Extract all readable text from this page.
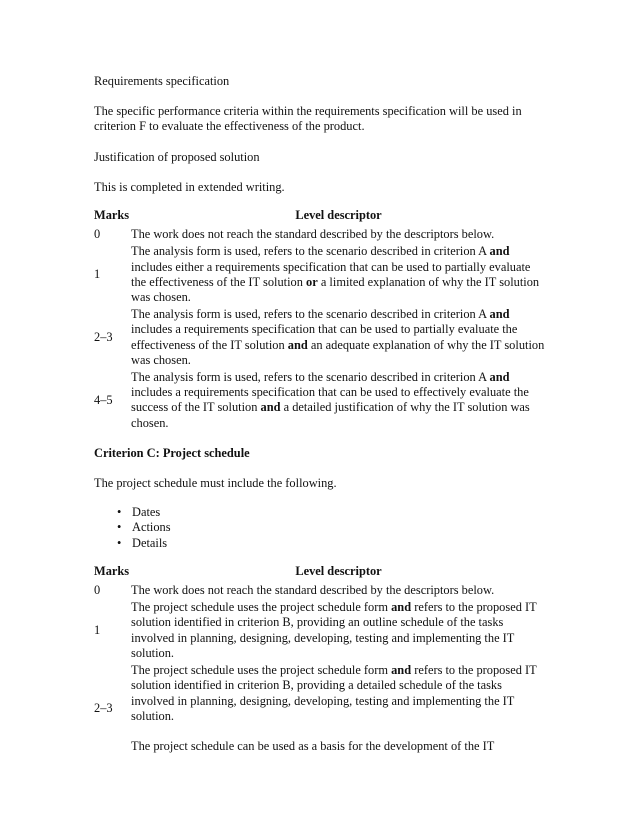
Requirements specification

The specific performance criteria within the requirements specification will be used in criterion F to evaluate the effectiveness of the product.

Justification of proposed solution

This is completed in extended writing.

Marks	Level descriptor
0	The work does not reach the standard described by the descriptors below.

1	The analysis form is used, refers to the scenario described in criterion A and includes either a requirements specification that can be used to partially evaluate the effectiveness of the IT solution or a limited explanation of why the IT solution was chosen.

2–3	The analysis form is used, refers to the scenario described in criterion A and includes a requirements specification that can be used to partially evaluate the effectiveness of the IT solution and an adequate explanation of why the IT solution was chosen.

4–5	The analysis form is used, refers to the scenario described in criterion A and includes a requirements specification that can be used to effectively evaluate the success of the IT solution and a detailed justification of why the IT solution was chosen.

Criterion C: Project schedule

The project schedule must include the following.

• Dates
• Actions
• Details
Marks	Level descriptor
0	The work does not reach the standard described by the descriptors below.

1	The project schedule uses the project schedule form and refers to the proposed IT solution identified in criterion B, providing an outline schedule of the tasks involved in planning, designing, developing, testing and implementing the IT solution.

2–3	The project schedule uses the project schedule form and refers to the proposed IT solution identified in criterion B, providing a detailed schedule of the tasks involved in planning, designing, developing, testing and implementing the IT solution.

The project schedule can be used as a basis for the development of the IT
